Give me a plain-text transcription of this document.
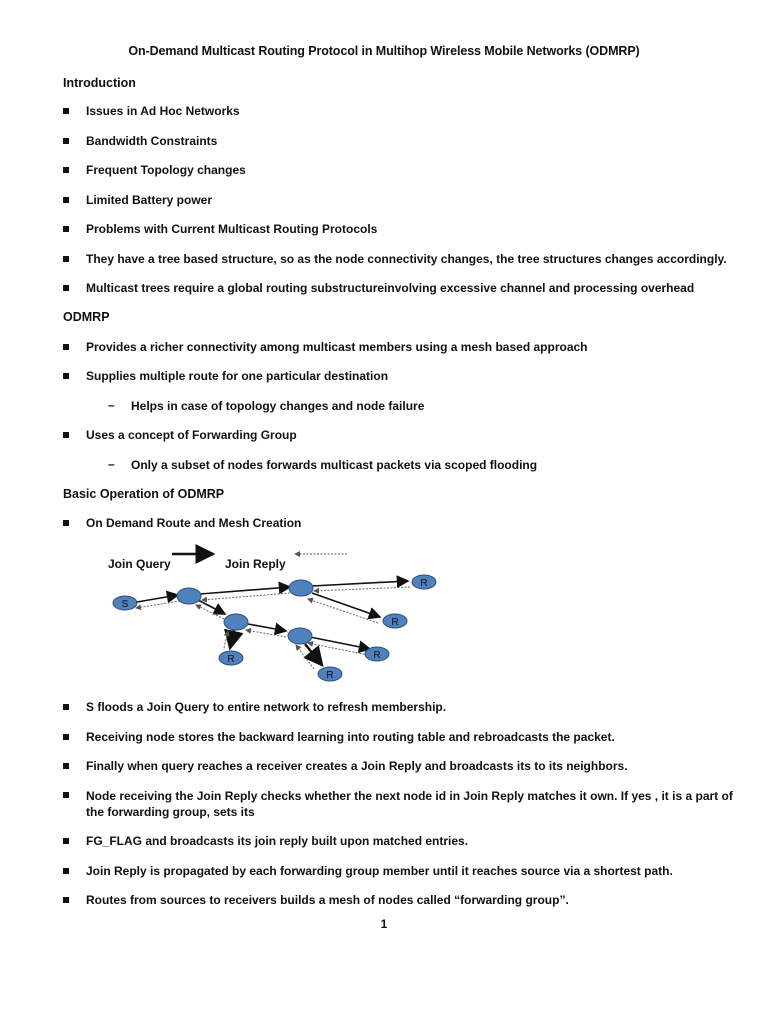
On-Demand Multicast Routing Protocol in Multihop Wireless Mobile Networks (ODMRP)
Introduction
Issues in Ad Hoc Networks
Bandwidth Constraints
Frequent Topology changes
Limited Battery power
Problems with Current Multicast Routing Protocols
They have a tree based structure, so as the node connectivity changes, the tree structures changes accordingly.
Multicast trees require a global routing substructureinvolving excessive channel and processing overhead
ODMRP
Provides a richer connectivity among multicast members using a mesh based approach
Supplies multiple route for one particular destination
– Helps in case of topology changes and node failure
Uses a concept of Forwarding Group
– Only a subset of nodes forwards multicast packets via scoped flooding
Basic Operation of ODMRP
On Demand Route and Mesh Creation
Join Query	Join Reply
S
R
R
R	R
R
S floods a Join Query to entire network to refresh membership.
Receiving node stores the backward learning into routing table and rebroadcasts the packet.
Finally when query reaches a receiver creates a Join Reply and broadcasts its to its neighbors.
Node receiving the Join Reply checks whether the next node id in Join Reply matches it own. If yes , it is a part of the forwarding group, sets its
FG_FLAG and broadcasts its join reply built upon matched entries.
Join Reply is propagated by each forwarding group member until it reaches source via a shortest path.
Routes from sources to receivers builds a mesh of nodes called “forwarding group”.
1
